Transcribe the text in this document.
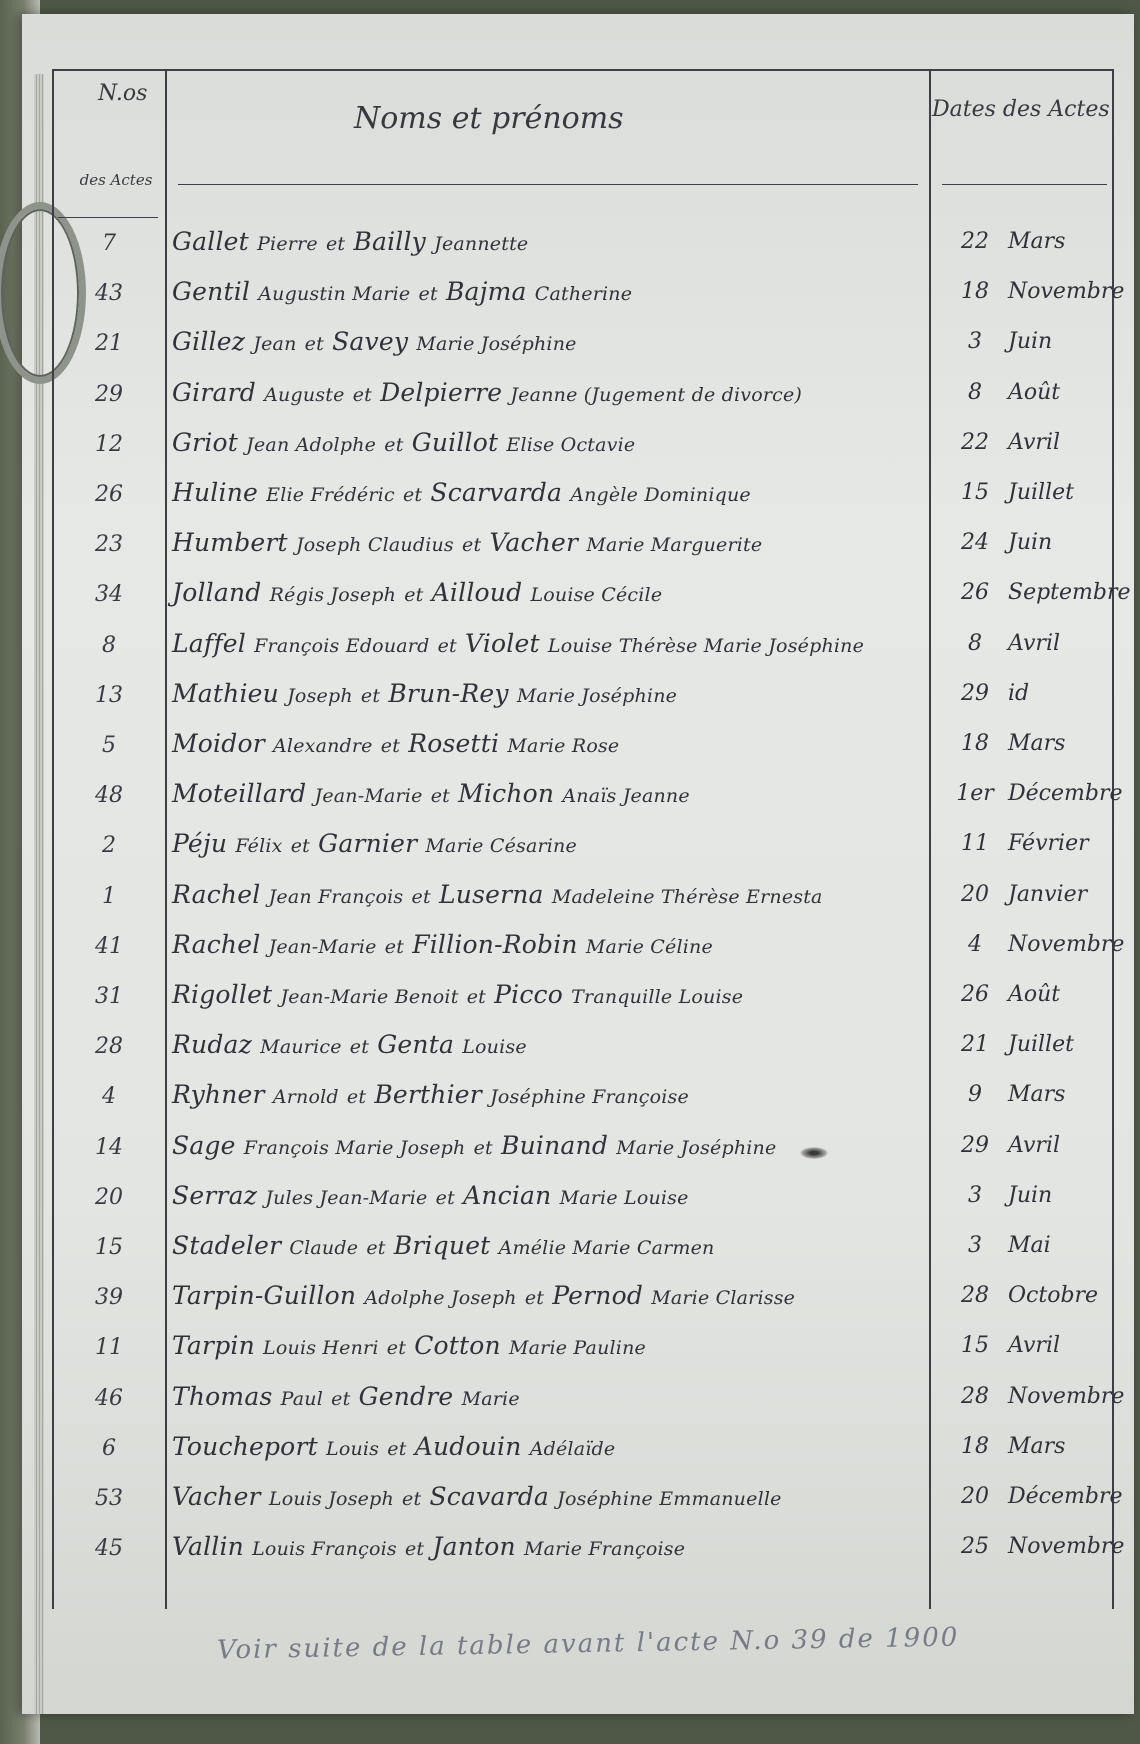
N.os
des Actes
Noms et prénoms	Dates des Actes
7	Gallet Pierre et Bailly Jeannette	22 Mars
43	Gentil Augustin Marie et Bajma Catherine	18 Novembre
21	Gillez Jean et Savey Marie Joséphine	3 Juin
29	Girard Auguste et Delpierre Jeanne (Jugement de divorce)	8 Août
12	Griot Jean Adolphe et Guillot Elise Octavie	22 Avril
26	Huline Elie Frédéric et Scarvarda Angèle Dominique	15 Juillet
23	Humbert Joseph Claudius et Vacher Marie Marguerite	24 Juin
34	Jolland Régis Joseph et Ailloud Louise Cécile	26 Septembre
8	Laffel François Edouard et Violet Louise Thérèse Marie Joséphine	8 Avril
13	Mathieu Joseph et Brun-Rey Marie Joséphine	29 id
5	Moidor Alexandre et Rosetti Marie Rose	18 Mars
48	Moteillard Jean-Marie et Michon Anaïs Jeanne	1er Décembre
2	Péju Félix et Garnier Marie Césarine	11 Février
1	Rachel Jean François et Luserna Madeleine Thérèse Ernesta	20 Janvier
41	Rachel Jean-Marie et Fillion-Robin Marie Céline	4 Novembre
31	Rigollet Jean-Marie Benoit et Picco Tranquille Louise	26 Août
28	Rudaz Maurice et Genta Louise	21 Juillet
4	Ryhner Arnold et Berthier Joséphine Françoise	9 Mars
14	Sage François Marie Joseph et Buinand Marie Joséphine	29 Avril
20	Serraz Jules Jean-Marie et Ancian Marie Louise	3 Juin
15	Stadeler Claude et Briquet Amélie Marie Carmen	3 Mai
39	Tarpin-Guillon Adolphe Joseph et Pernod Marie Clarisse	28 Octobre
11	Tarpin Louis Henri et Cotton Marie Pauline	15 Avril
46	Thomas Paul et Gendre Marie	28 Novembre
6	Toucheport Louis et Audouin Adélaïde	18 Mars
53	Vacher Louis Joseph et Scavarda Joséphine Emmanuelle	20 Décembre
45	Vallin Louis François et Janton Marie Françoise	25 Novembre
Voir suite de la table avant l'acte N.o 39 de 1900
